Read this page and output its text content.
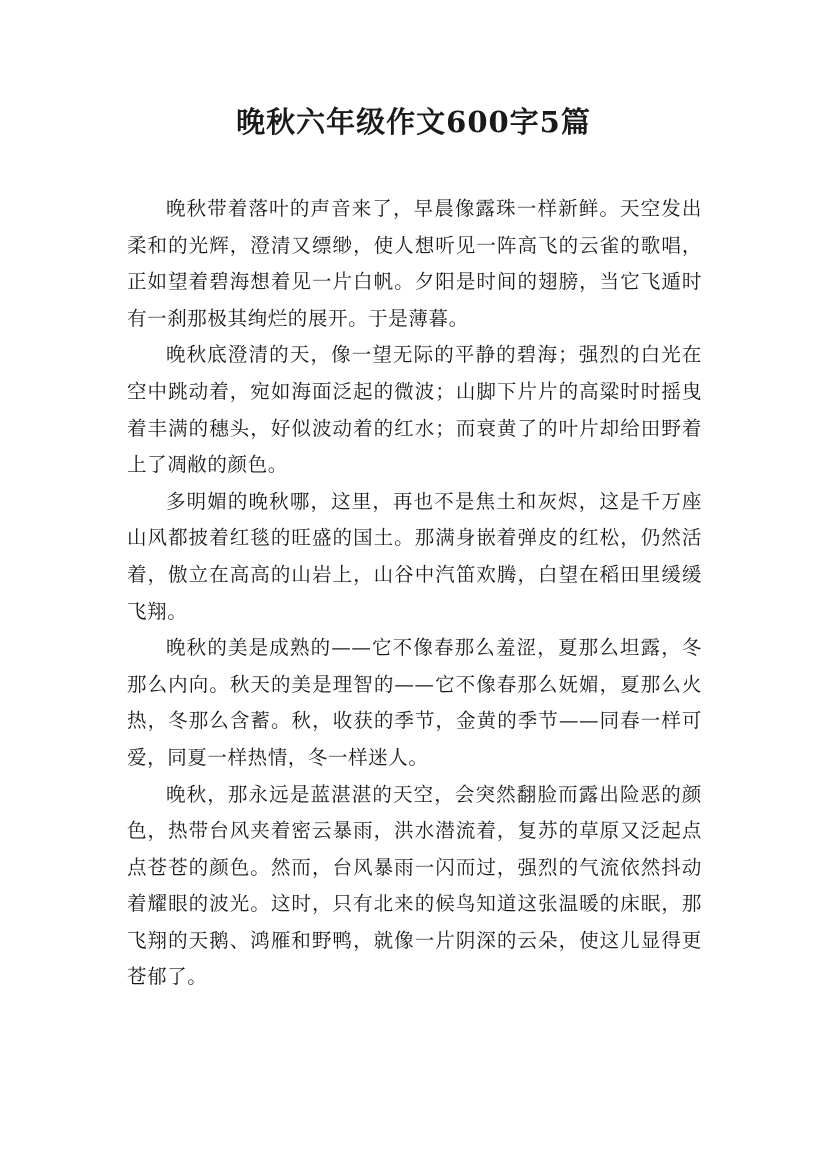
晚秋六年级作文600字5篇

晚秋带着落叶的声音来了，早晨像露珠一样新鲜。天空发出柔和的光辉，澄清又缥缈，使人想听见一阵高飞的云雀的歌唱，正如望着碧海想着见一片白帆。夕阳是时间的翅膀，当它飞遁时有一刹那极其绚烂的展开。于是薄暮。

晚秋底澄清的天，像一望无际的平静的碧海；强烈的白光在空中跳动着，宛如海面泛起的微波；山脚下片片的高粱时时摇曳着丰满的穗头，好似波动着的红水；而衰黄了的叶片却给田野着上了凋敝的颜色。

多明媚的晚秋哪，这里，再也不是焦土和灰烬，这是千万座山风都披着红毯的旺盛的国土。那满身嵌着弹皮的红松，仍然活着，傲立在高高的山岩上，山谷中汽笛欢腾，白望在稻田里缓缓飞翔。

晚秋的美是成熟的——它不像春那么羞涩，夏那么坦露，冬那么内向。秋天的美是理智的——它不像春那么妩媚，夏那么火热，冬那么含蓄。秋，收获的季节，金黄的季节——同春一样可爱，同夏一样热情，冬一样迷人。

晚秋，那永远是蓝湛湛的天空，会突然翻脸而露出险恶的颜色，热带台风夹着密云暴雨，洪水潜流着，复苏的草原又泛起点点苍苍的颜色。然而，台风暴雨一闪而过，强烈的气流依然抖动着耀眼的波光。这时，只有北来的候鸟知道这张温暖的床眠，那飞翔的天鹅、鸿雁和野鸭，就像一片阴深的云朵，使这儿显得更苍郁了。
